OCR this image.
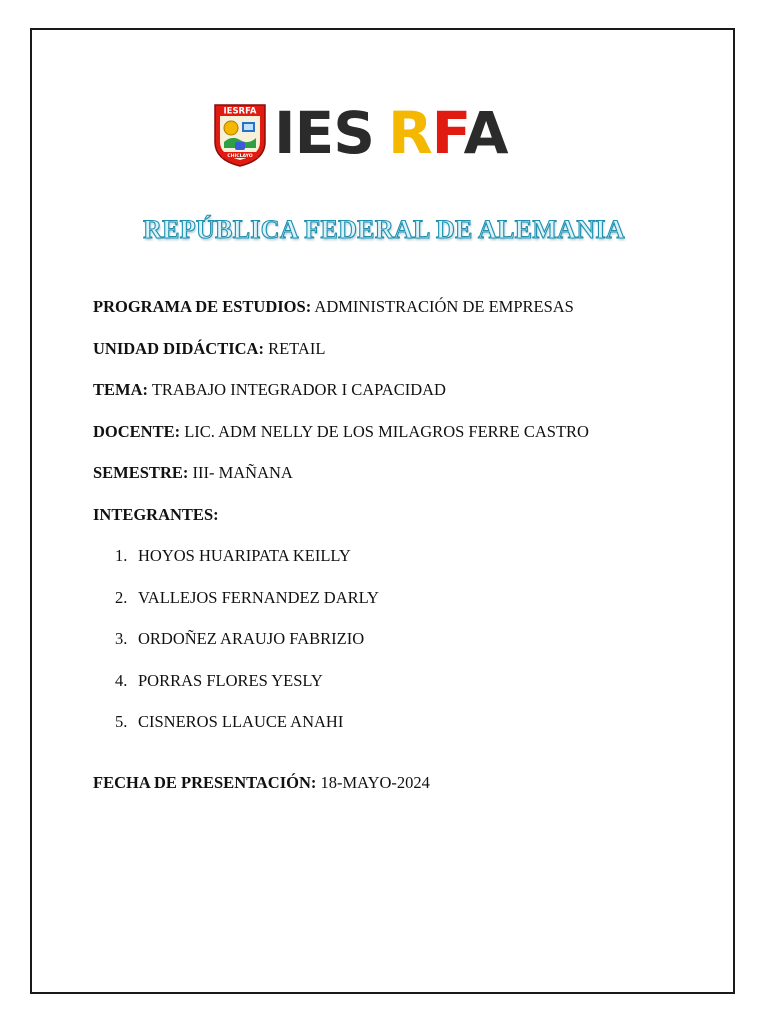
IESRFA
CHICLAYO IES RFA
REPÚBLICA FEDERAL DE ALEMANIA
PROGRAMA DE ESTUDIOS: ADMINISTRACIÓN DE EMPRESAS
UNIDAD DIDÁCTICA: RETAIL
TEMA: TRABAJO INTEGRADOR I CAPACIDAD
DOCENTE: LIC. ADM NELLY DE LOS MILAGROS FERRE CASTRO
SEMESTRE: III- MAÑANA
INTEGRANTES:
1. HOYOS HUARIPATA KEILLY
2. VALLEJOS FERNANDEZ DARLY
3. ORDOÑEZ ARAUJO FABRIZIO
4. PORRAS FLORES YESLY
5. CISNEROS LLAUCE ANAHI
FECHA DE PRESENTACIÓN: 18-MAYO-2024
